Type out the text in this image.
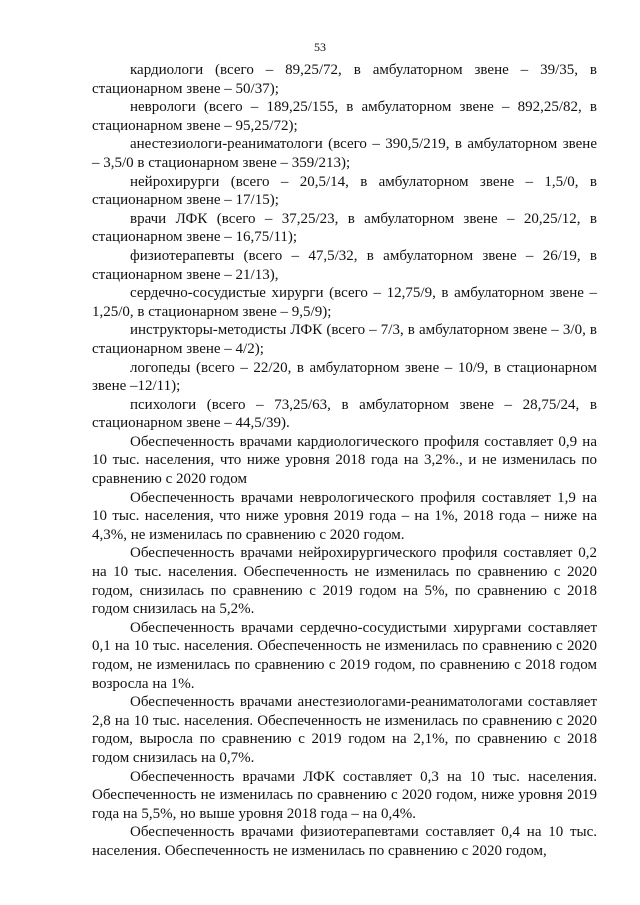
53

кардиологи (всего – 89,25/72, в амбулаторном звене – 39/35, в стационарном звене – 50/37);

неврологи (всего – 189,25/155, в амбулаторном звене – 892,25/82, в стационарном звене – 95,25/72);

анестезиологи-реаниматологи (всего – 390,5/219, в амбулаторном звене – 3,5/0 в стационарном звене – 359/213);

нейрохирурги (всего – 20,5/14, в амбулаторном звене – 1,5/0, в стационарном звене – 17/15);

врачи ЛФК (всего – 37,25/23, в амбулаторном звене – 20,25/12, в стационарном звене – 16,75/11);

физиотерапевты (всего – 47,5/32, в амбулаторном звене – 26/19, в стационарном звене – 21/13),

сердечно-сосудистые хирурги (всего – 12,75/9, в амбулаторном звене – 1,25/0, в стационарном звене – 9,5/9);

инструкторы-методисты ЛФК (всего – 7/3, в амбулаторном звене – 3/0, в стационарном звене – 4/2);

логопеды (всего – 22/20, в амбулаторном звене – 10/9, в стационарном звене –12/11);

психологи (всего – 73,25/63, в амбулаторном звене – 28,75/24, в стационарном звене – 44,5/39).

Обеспеченность врачами кардиологического профиля составляет 0,9 на 10 тыс. населения, что ниже уровня 2018 года на 3,2%., и не изменилась по сравнению с 2020 годом

Обеспеченность врачами неврологического профиля составляет 1,9 на 10 тыс. населения, что ниже уровня 2019 года – на 1%, 2018 года – ниже на 4,3%, не изменилась по сравнению с 2020 годом.

Обеспеченность врачами нейрохирургического профиля составляет 0,2 на 10 тыс. населения. Обеспеченность не изменилась по сравнению с 2020 годом, снизилась по сравнению с 2019 годом на 5%, по сравнению с 2018 годом снизилась на 5,2%.

Обеспеченность врачами сердечно-сосудистыми хирургами составляет 0,1 на 10 тыс. населения. Обеспеченность не изменилась по сравнению с 2020 годом, не изменилась по сравнению с 2019 годом, по сравнению с 2018 годом возросла на 1%.

Обеспеченность врачами анестезиологами-реаниматологами составляет 2,8 на 10 тыс. населения. Обеспеченность не изменилась по сравнению с 2020 годом, выросла по сравнению с 2019 годом на 2,1%, по сравнению с 2018 годом снизилась на 0,7%.

Обеспеченность врачами ЛФК составляет 0,3 на 10 тыс. населения. Обеспеченность не изменилась по сравнению с 2020 годом, ниже уровня 2019 года на 5,5%, но выше уровня 2018 года – на 0,4%.

Обеспеченность врачами физиотерапевтами составляет 0,4 на 10 тыс. населения. Обеспеченность не изменилась по сравнению с 2020 годом,
